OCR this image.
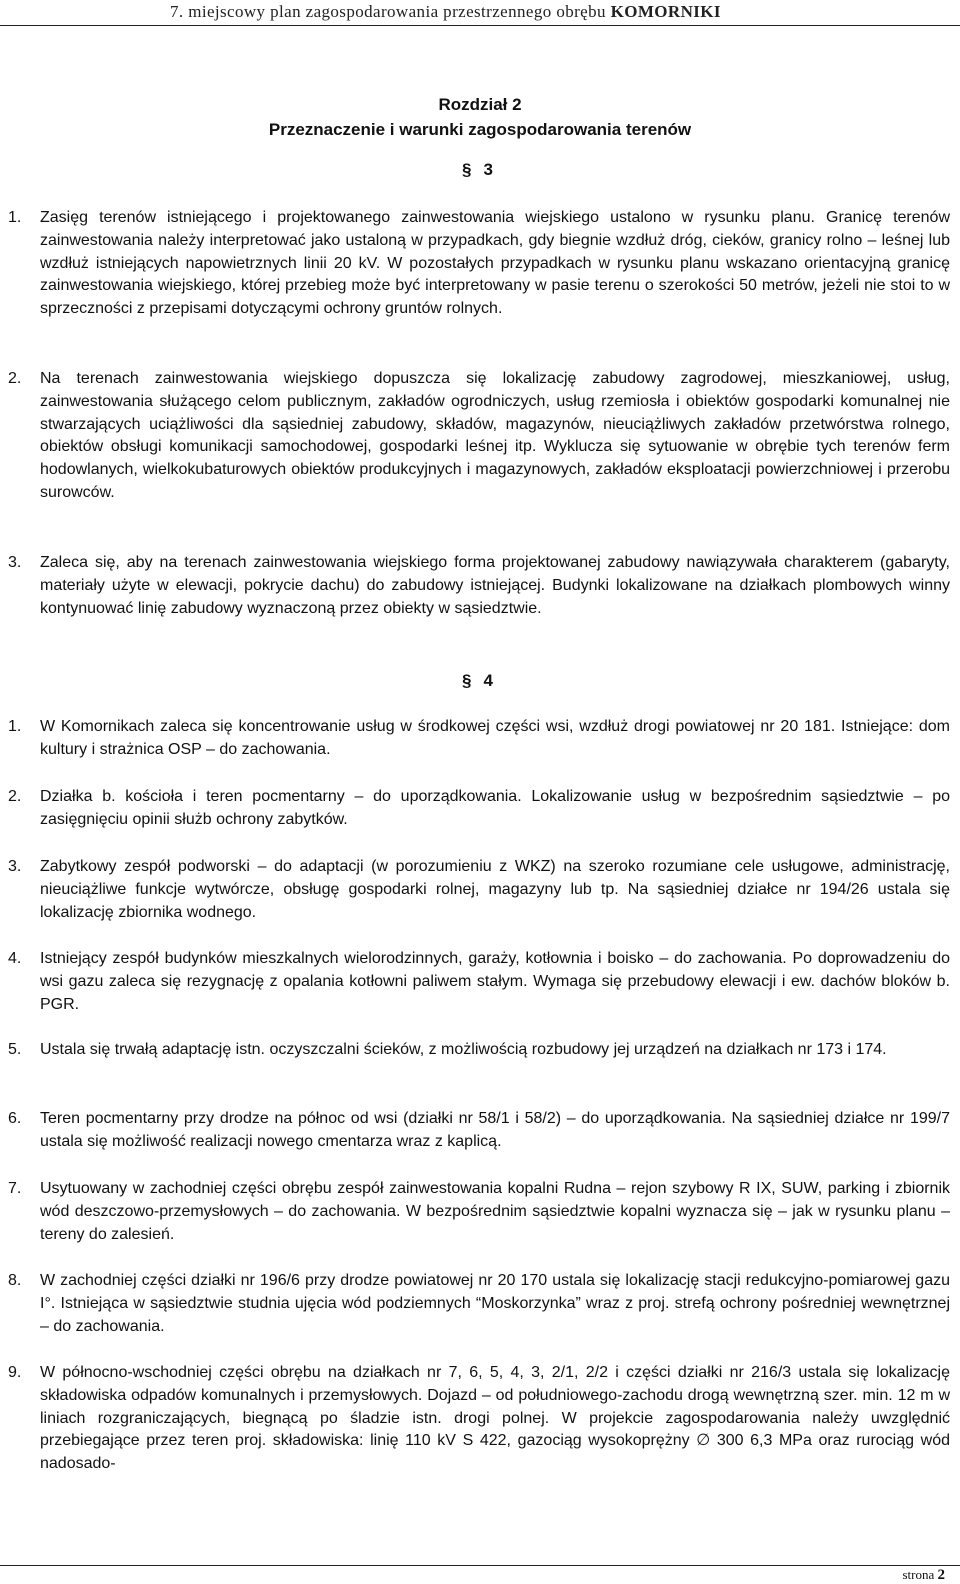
7. miejscowy plan zagospodarowania przestrzennego obrębu KOMORNIKI
Rozdział 2
Przeznaczenie i warunki zagospodarowania terenów
§ 3
1.	Zasięg terenów istniejącego i projektowanego zainwestowania wiejskiego ustalono w rysunku planu. Granicę terenów zainwestowania należy interpretować jako ustaloną w przypadkach, gdy biegnie wzdłuż dróg, cieków, granicy rolno – leśnej lub wzdłuż istniejących napowietrznych linii 20 kV. W pozostałych przypadkach w rysunku planu wskazano orientacyjną granicę zainwestowania wiejskiego, której przebieg może być interpretowany w pasie terenu o szerokości 50 metrów, jeżeli nie stoi to w sprzeczności z przepisami dotyczącymi ochrony gruntów rolnych.
2.	Na terenach zainwestowania wiejskiego dopuszcza się lokalizację zabudowy zagrodowej, mieszkaniowej, usług, zainwestowania służącego celom publicznym, zakładów ogrodniczych, usług rzemiosła i obiektów gospodarki komunalnej nie stwarzających uciążliwości dla sąsiedniej zabudowy, składów, magazynów, nieuciążliwych zakładów przetwórstwa rolnego, obiektów obsługi komunikacji samochodowej, gospodarki leśnej itp. Wyklucza się sytuowanie w obrębie tych terenów ferm hodowlanych, wielkokubaturowych obiektów produkcyjnych i magazynowych, zakładów eksploatacji powierzchniowej i przerobu surowców.
3.	Zaleca się, aby na terenach zainwestowania wiejskiego forma projektowanej zabudowy nawiązywała charakterem (gabaryty, materiały użyte w elewacji, pokrycie dachu) do zabudowy istniejącej. Budynki lokalizowane na działkach plombowych winny kontynuować linię zabudowy wyznaczoną przez obiekty w sąsiedztwie.
§ 4
1.	W Komornikach zaleca się koncentrowanie usług w środkowej części wsi, wzdłuż drogi powiatowej nr 20 181. Istniejące: dom kultury i strażnica OSP – do zachowania.
2.	Działka b. kościoła i teren pocmentarny – do uporządkowania. Lokalizowanie usług w bezpośrednim sąsiedztwie – po zasięgnięciu opinii służb ochrony zabytków.
3.	Zabytkowy zespół podworski – do adaptacji (w porozumieniu z WKZ) na szeroko rozumiane cele usługowe, administrację, nieuciążliwe funkcje wytwórcze, obsługę gospodarki rolnej, magazyny lub tp. Na sąsiedniej działce nr 194/26 ustala się lokalizację zbiornika wodnego.
4.	Istniejący zespół budynków mieszkalnych wielorodzinnych, garaży, kotłownia i boisko – do zachowania. Po doprowadzeniu do wsi gazu zaleca się rezygnację z opalania kotłowni paliwem stałym. Wymaga się przebudowy elewacji i ew. dachów bloków b. PGR.
5.	Ustala się trwałą adaptację istn. oczyszczalni ścieków, z możliwością rozbudowy jej urządzeń na działkach nr 173 i 174.
6.	Teren pocmentarny przy drodze na północ od wsi (działki nr 58/1 i 58/2) – do uporządkowania. Na sąsiedniej działce nr 199/7 ustala się możliwość realizacji nowego cmentarza wraz z kaplicą.
7.	Usytuowany w zachodniej części obrębu zespół zainwestowania kopalni Rudna – rejon szybowy R IX, SUW, parking i zbiornik wód deszczowo-przemysłowych – do zachowania. W bezpośrednim sąsiedztwie kopalni wyznacza się – jak w rysunku planu – tereny do zalesień.
8.	W zachodniej części działki nr 196/6 przy drodze powiatowej nr 20 170 ustala się lokalizację stacji redukcyjno-pomiarowej gazu I°. Istniejąca w sąsiedztwie studnia ujęcia wód podziemnych “Moskorzynka” wraz z proj. strefą ochrony pośredniej wewnętrznej – do zachowania.
9.	W północno-wschodniej części obrębu na działkach nr 7, 6, 5, 4, 3, 2/1, 2/2 i części działki nr 216/3 ustala się lokalizację składowiska odpadów komunalnych i przemysłowych. Dojazd – od południowego-zachodu drogą wewnętrzną szer. min. 12 m w liniach rozgraniczających, biegnącą po śladzie istn. drogi polnej. W projekcie zagospodarowania należy uwzględnić przebiegające przez teren proj. składowiska: linię 110 kV S 422, gazociąg wysokoprężny ∅ 300 6,3 MPa oraz rurociąg wód nadosado-
strona 2
